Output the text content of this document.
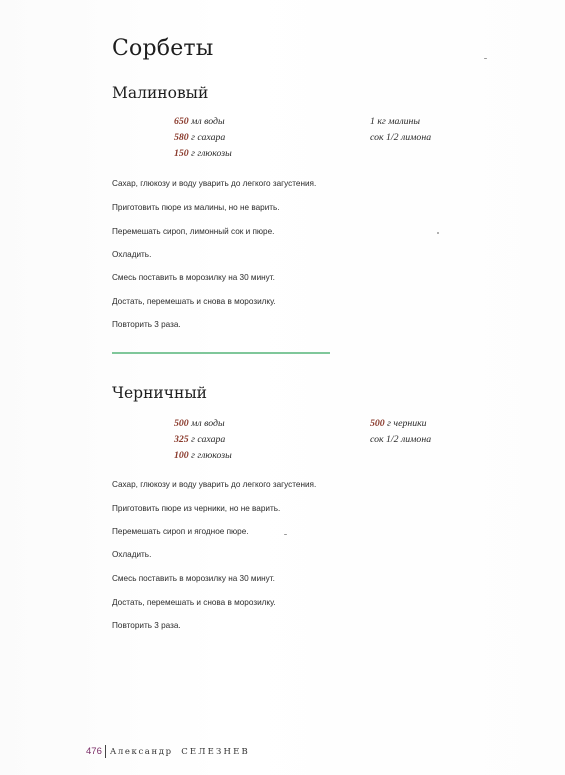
Сорбеты
Малиновый
650 мл воды
580 г сахара
150 г глюкозы
1 кг малины
сок 1/2 лимона
Сахар, глюкозу и воду уварить до легкого загустения.
Приготовить пюре из малины, но не варить.
Перемешать сироп, лимонный сок и пюре.
Охладить.
Смесь поставить в морозилку на 30 минут.
Достать, перемешать и снова в морозилку.
Повторить 3 раза.
Черничный
500 мл воды
325 г сахара
100 г глюкозы
500 г черники
сок 1/2 лимона
Сахар, глюкозу и воду уварить до легкого загустения.
Приготовить пюре из черники, но не варить.
Перемешать сироп и ягодное пюре.
Охладить.
Смесь поставить в морозилку на 30 минут.
Достать, перемешать и снова в морозилку.
Повторить 3 раза.
476 Александр СЕЛЕЗНЕВ
